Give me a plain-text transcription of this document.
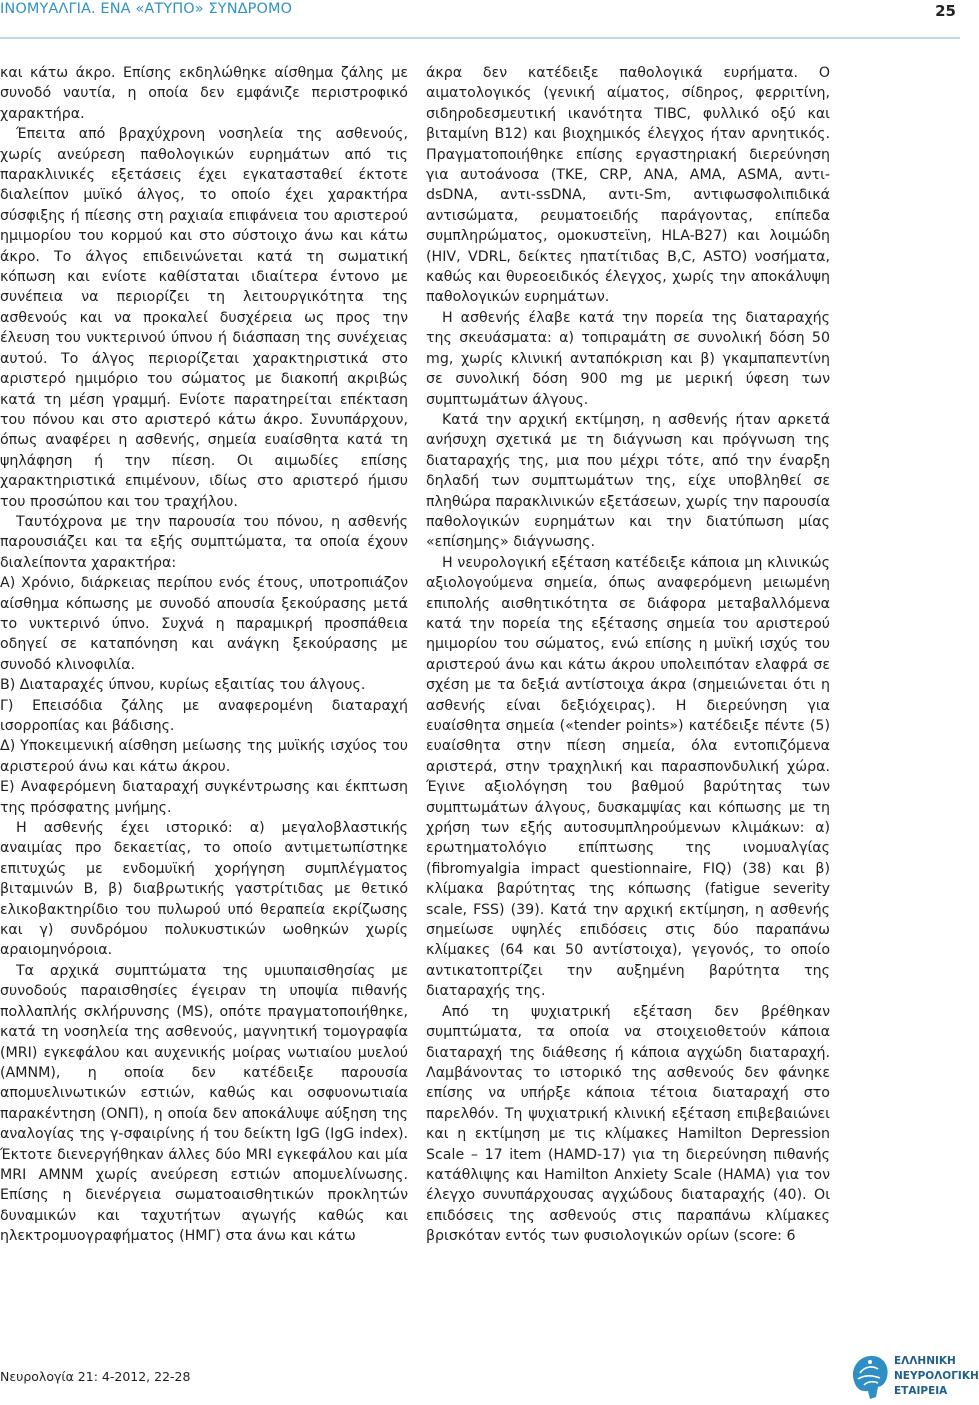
ΙΝΟΜΥΑΛΓΙΑ. ΕΝΑ «ΑΤΥΠΟ» ΣΥΝΔΡΟΜΟ	25

και κάτω άκρο. Επίσης εκδηλώθηκε αίσθημα ζάλης με συνοδό ναυτία, η οποία δεν εμφάνιζε περιστροφικό χαρακτήρα.

Έπειτα από βραχύχρονη νοσηλεία της ασθενούς, χωρίς ανεύρεση παθολογικών ευρημάτων από τις παρακλινικές εξετάσεις έχει εγκατασταθεί έκτοτε διαλείπον μυϊκό άλγος, το οποίο έχει χαρακτήρα σύσφιξης ή πίεσης στη ραχιαία επιφάνεια του αριστερού ημιμορίου του κορμού και στο σύστοιχο άνω και κάτω άκρο. Το άλγος επιδεινώνεται κατά τη σωματική κόπωση και ενίοτε καθίσταται ιδιαίτερα έντονο με συνέπεια να περιορίζει τη λειτουργικότητα της ασθενούς και να προκαλεί δυσχέρεια ως προς την έλευση του νυκτερινού ύπνου ή διάσπαση της συνέχειας αυτού. Το άλγος περιορίζεται χαρακτηριστικά στο αριστερό ημιμόριο του σώματος με διακοπή ακριβώς κατά τη μέση γραμμή. Ενίοτε παρατηρείται επέκταση του πόνου και στο αριστερό κάτω άκρο. Συνυπάρχουν, όπως αναφέρει η ασθενής, σημεία ευαίσθητα κατά τη ψηλάφηση ή την πίεση. Οι αιμωδίες επίσης χαρακτηριστικά επιμένουν, ιδίως στο αριστερό ήμισυ του προσώπου και του τραχήλου.

Ταυτόχρονα με την παρουσία του πόνου, η ασθενής παρουσιάζει και τα εξής συμπτώματα, τα οποία έχουν διαλείποντα χαρακτήρα:

Α) Χρόνιο, διάρκειας περίπου ενός έτους, υποτροπιάζον αίσθημα κόπωσης με συνοδό απουσία ξεκούρασης μετά το νυκτερινό ύπνο. Συχνά η παραμικρή προσπάθεια οδηγεί σε καταπόνηση και ανάγκη ξεκούρασης με συνοδό κλινοφιλία.

Β) Διαταραχές ύπνου, κυρίως εξαιτίας του άλγους.

Γ) Επεισόδια ζάλης με αναφερομένη διαταραχή ισορροπίας και βάδισης.

Δ) Υποκειμενική αίσθηση μείωσης της μυϊκής ισχύος του αριστερού άνω και κάτω άκρου.

Ε) Αναφερόμενη διαταραχή συγκέντρωσης και έκπτωση της πρόσφατης μνήμης.

Η ασθενής έχει ιστορικό: α) μεγαλοβλαστικής αναιμίας προ δεκαετίας, το οποίο αντιμετωπίστηκε επιτυχώς με ενδομυϊκή χορήγηση συμπλέγματος βιταμινών Β, β) διαβρωτικής γαστρίτιδας με θετικό ελικοβακτηρίδιο του πυλωρού υπό θεραπεία εκρίζωσης και γ) συνδρόμου πολυκυστικών ωοθηκών χωρίς αραιομηνόροια.

Τα αρχικά συμπτώματα της υμιυπαισθησίας με συνοδούς παραισθησίες έγειραν τη υποψία πιθανής πολλαπλής σκλήρυνσης (MS), οπότε πραγματοποιήθηκε, κατά τη νοσηλεία της ασθενούς, μαγνητική τομογραφία (MRI) εγκεφάλου και αυχενικής μοίρας νωτιαίου μυελού (ΑΜΝΜ), η οποία δεν κατέδειξε παρουσία απομυελινωτικών εστιών, καθώς και οσφυονωτιαία παρακέντηση (ΟΝΠ), η οποία δεν αποκάλυψε αύξηση της αναλογίας της γ-σφαιρίνης ή του δείκτη IgG (IgG index). Έκτοτε διενεργήθηκαν άλλες δύο MRI εγκεφάλου και μία MRI ΑΜΝΜ χωρίς ανεύρεση εστιών απομυελίνωσης. Επίσης η διενέργεια σωματοαισθητικών προκλητών δυναμικών και ταχυτήτων αγωγής καθώς και ηλεκτρομυογραφήματος (ΗΜΓ) στα άνω και κάτω

άκρα δεν κατέδειξε παθολογικά ευρήματα. Ο αιματολογικός (γενική αίματος, σίδηρος, φερριτίνη, σιδηροδεσμευτική ικανότητα TIBC, φυλλικό οξύ και βιταμίνη Β12) και βιοχημικός έλεγχος ήταν αρνητικός. Πραγματοποιήθηκε επίσης εργαστηριακή διερεύνηση για αυτοάνοσα (ΤΚΕ, CRP, ANA, AMA, ASMA, αντι-dsDNA, αντι-ssDNA, αντι-Sm, αντιφωσφολιπιδικά αντισώματα, ρευματοειδής παράγοντας, επίπεδα συμπληρώματος, ομοκυστεϊνη, HLA-B27) και λοιμώδη (HIV, VDRL, δείκτες ηπατίτιδας Β,C, ASTO) νοσήματα, καθώς και θυρεοειδικός έλεγχος, χωρίς την αποκάλυψη παθολογικών ευρημάτων.

Η ασθενής έλαβε κατά την πορεία της διαταραχής της σκευάσματα: α) τοπιραμάτη σε συνολική δόση 50 mg, χωρίς κλινική ανταπόκριση και β) γκαμπαπεντίνη σε συνολική δόση 900 mg με μερική ύφεση των συμπτωμάτων άλγους.

Κατά την αρχική εκτίμηση, η ασθενής ήταν αρκετά ανήσυχη σχετικά με τη διάγνωση και πρόγνωση της διαταραχής της, μια που μέχρι τότε, από την έναρξη δηλαδή των συμπτωμάτων της, είχε υποβληθεί σε πληθώρα παρακλινικών εξετάσεων, χωρίς την παρουσία παθολογικών ευρημάτων και την διατύπωση μίας «επίσημης» διάγνωσης.

Η νευρολογική εξέταση κατέδειξε κάποια μη κλινικώς αξιολογούμενα σημεία, όπως αναφερόμενη μειωμένη επιπολής αισθητικότητα σε διάφορα μεταβαλλόμενα κατά την πορεία της εξέτασης σημεία του αριστερού ημιμορίου του σώματος, ενώ επίσης η μυϊκή ισχύς του αριστερού άνω και κάτω άκρου υπολειπόταν ελαφρά σε σχέση με τα δεξιά αντίστοιχα άκρα (σημειώνεται ότι η ασθενής είναι δεξιόχειρας). Η διερεύνηση για ευαίσθητα σημεία («tender points») κατέδειξε πέντε (5) ευαίσθητα στην πίεση σημεία, όλα εντοπιζόμενα αριστερά, στην τραχηλική και παρασπονδυλική χώρα. Έγινε αξιολόγηση του βαθμού βαρύτητας των συμπτωμάτων άλγους, δυσκαμψίας και κόπωσης με τη χρήση των εξής αυτοσυμπληρούμενων κλιμάκων: α) ερωτηματολόγιο επίπτωσης της ινομυαλγίας (fibromyalgia impact questionnaire, FIQ) (38) και β) κλίμακα βαρύτητας της κόπωσης (fatigue severity scale, FSS) (39). Κατά την αρχική εκτίμηση, η ασθενής σημείωσε υψηλές επιδόσεις στις δύο παραπάνω κλίμακες (64 και 50 αντίστοιχα), γεγονός, το οποίο αντικατοπτρίζει την αυξημένη βαρύτητα της διαταραχής της.

Από τη ψυχιατρική εξέταση δεν βρέθηκαν συμπτώματα, τα οποία να στοιχειοθετούν κάποια διαταραχή της διάθεσης ή κάποια αγχώδη διαταραχή. Λαμβάνοντας το ιστορικό της ασθενούς δεν φάνηκε επίσης να υπήρξε κάποια τέτοια διαταραχή στο παρελθόν. Τη ψυχιατρική κλινική εξέταση επιβεβαιώνει και η εκτίμηση με τις κλίμακες Hamilton Depression Scale – 17 item (HAMD-17) για τη διερεύνηση πιθανής κατάθλιψης και Hamilton Anxiety Scale (HAMA) για τον έλεγχο συνυπάρχουσας αγχώδους διαταραχής (40). Οι επιδόσεις της ασθενούς στις παραπάνω κλίμακες βρισκόταν εντός των φυσιολογικών ορίων (score: 6

Νευρολογία 21: 4-2012, 22-28
ΕΛΛΗΝΙΚΗ
ΝΕΥΡΟΛΟΓΙΚΗ
ΕΤΑΙΡΕΙΑ
